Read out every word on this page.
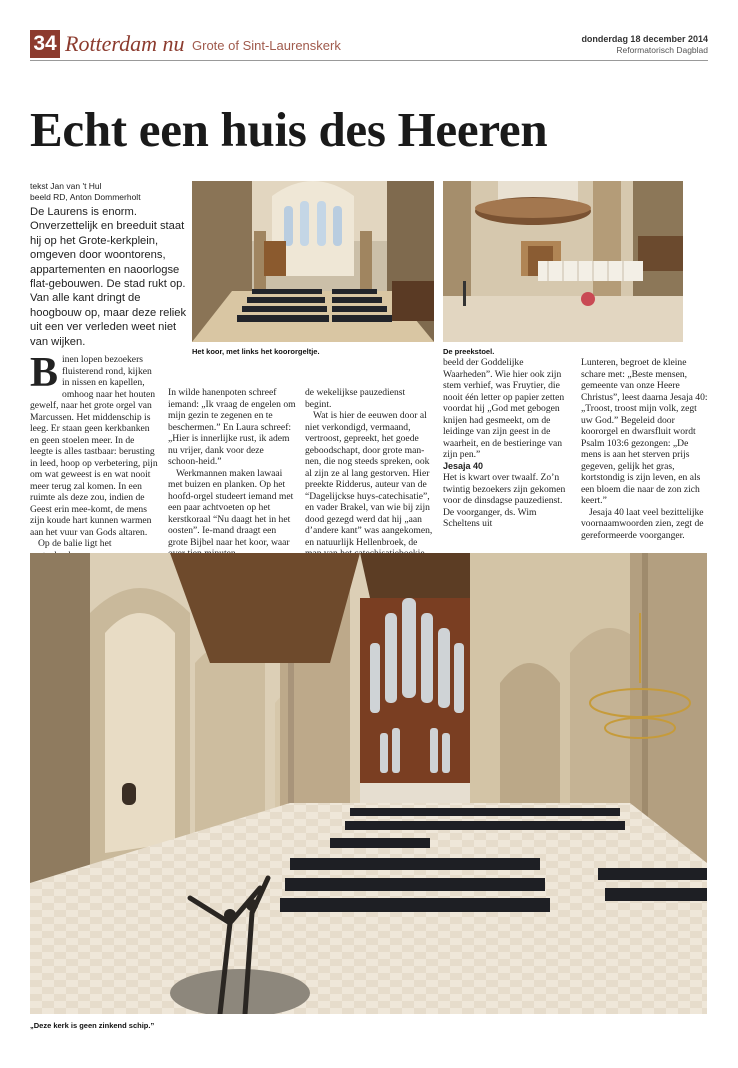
34 Rotterdam nu Grote of Sint-Laurenskerk	donderdag 18 december 2014
Reformatorisch Dagblad
Echt een huis des Heeren
tekst Jan van 't Hul
beeld RD, Anton Dommerholt
De Laurens is enorm. Onverzettelijk en breeduit staat hij op het Grote-kerkplein, omgeven door woontorens, appartementen en naoorlogse flat-gebouwen. De stad rukt op. Van alle kant dringt de hoogbouw op, maar deze reliek uit een ver verleden weet niet van wijken.
Het koor, met links het koororgeltje.	De preekstoel.
B inen lopen bezoekers fluisterend rond, kijken in nissen en kapellen, omhoog naar het houten gewelf, naar het grote orgel van Marcussen. Het middenschip is leeg. Er staan geen kerkbanken en geen stoelen meer. In de leegte is alles tastbaar: berusting in leed, hoop op verbetering, pijn om wat geweest is en wat nooit meer terug zal komen. In een ruimte als deze zou, indien de Geest erin mee-komt, de mens zijn koude hart kunnen warmen aan het vuur van Gods altaren.

Op de balie ligt het

In wilde hanenpoten schreef iemand: „Ik vraag de engelen om mijn gezin te zegenen en te beschermen.” En Laura schreef: „Hier is innerlijke rust, ik adem nu vrijer, dank voor deze schoon-heid.”

Werkmannen maken lawaai met buizen en planken. Op het hoofd-orgel studeert iemand met een paar achtvoeten op het kerstkoraal “Nu daagt het in het oosten”. Ie-mand draagt een grote Bijbel naar het koor, waar

de wekelijkse pauzedienst begint.

Wat is hier de eeuwen door al niet verkondigd, vermaand, vertroost, gepreekt, het goede geboodschapt, door grote man-nen, die nog steeds spreken, ook al zijn ze al lang gestorven. Hier preekte Ridderus, auteur van de “Dagelijckse huys-catechisatie”, en vader Brakel, van wie bij zijn dood gezegd werd dat hij „aan d’andere kant” was aangekomen, en natuurlijk Hellenbroek, de

beeld der Goddelijke Waarheden”. Wie hier ook zijn stem verhief, was Fruytier, die nooit één letter op papier zetten voordat hij „God met gebogen knijen had gesmeekt, om de leidinge van zijn geest in de waarheit, en de bestieringe van zijn pen.”

Jesaja 40

Het is kwart over twaalf. Zo’n twintig bezoekers zijn gekomen voor de dinsdagse pauzedienst. De voorganger, ds. Wim Scheltens uit

Lunteren, begroet de kleine schare met: „Beste mensen, gemeente van onze Heere Christus”, leest daarna Jesaja 40: „Troost, troost mijn volk, zegt uw God.” Begeleid door koororgel en dwarsfluit wordt Psalm 103:6 gezongen: „De mens is aan het sterven prijs gegeven, gelijk het gras, kortstondig is zijn leven, en als een bloem die naar de zon zich keert.”

Jesaja 40 laat veel bezittelijke voornaamwoorden zien, zegt de gereformeerde voorganger.

„Deze kerk is geen zinkend schip.”
